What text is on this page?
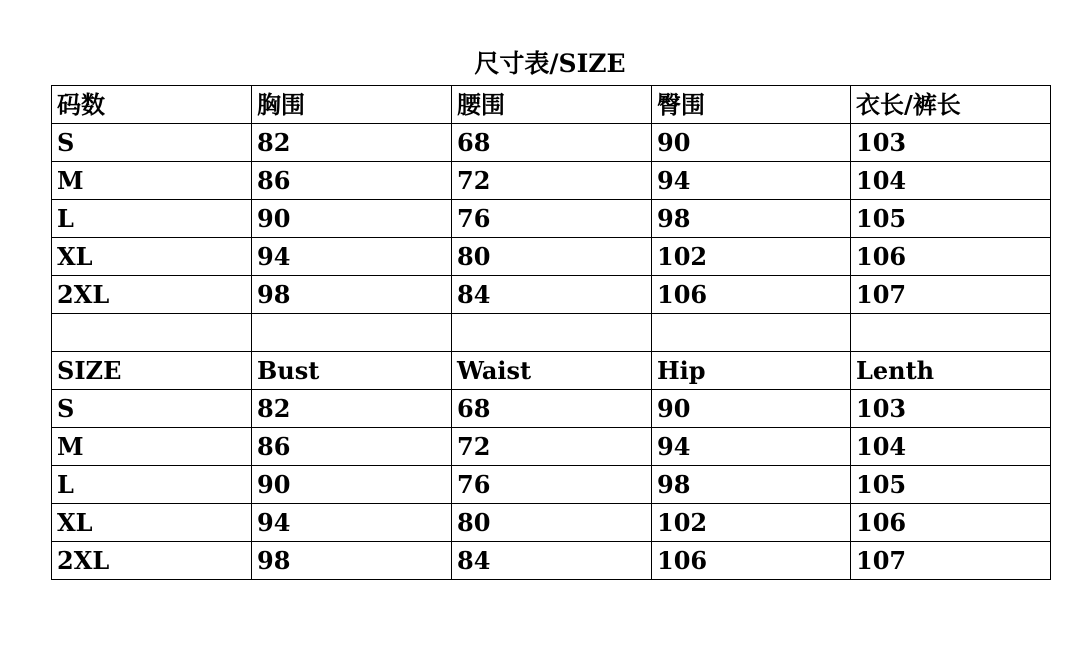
尺寸表/SIZE
码数	胸围	腰围	臀围	衣长/裤长
S	82	68	90	103
M	86	72	94	104
L	90	76	98	105
XL	94	80	102	106
2XL	98	84	106	107

SIZE	Bust	Waist	Hip	Lenth
S	82	68	90	103
M	86	72	94	104
L	90	76	98	105
XL	94	80	102	106
2XL	98	84	106	107
